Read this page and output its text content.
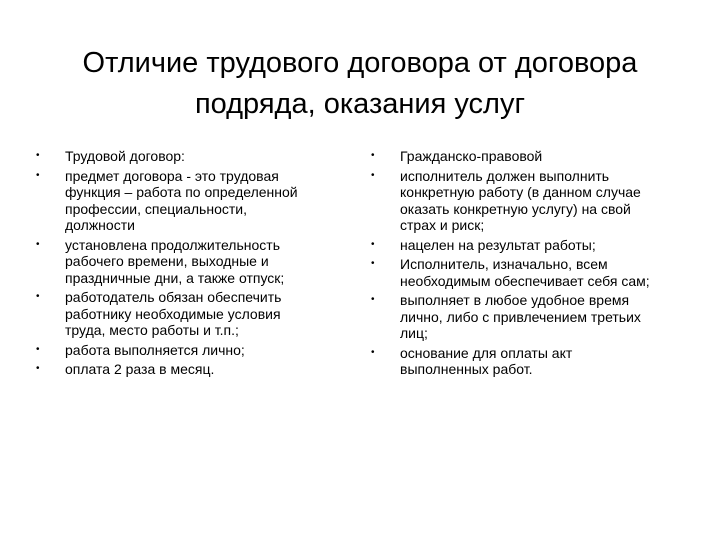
Отличие трудового договора от договора
подряда, оказания услуг
• Трудовой договор:
• предмет договора - это трудовая функция – работа по определенной профессии, специальности, должности
• установлена продолжительность рабочего времени, выходные и праздничные дни, а также отпуск;
• работодатель обязан обеспечить работнику необходимые условия труда, место работы и т.п.;
• работа выполняется лично;
• оплата 2 раза в месяц.
• Гражданско-правовой
• исполнитель должен выполнить конкретную работу (в данном случае оказать конкретную услугу) на свой страх и риск;
• нацелен на результат работы;
• Исполнитель, изначально, всем необходимым обеспечивает себя сам;
• выполняет в любое удобное время лично, либо с привлечением третьих лиц;
• основание для оплаты акт выполненных работ.
